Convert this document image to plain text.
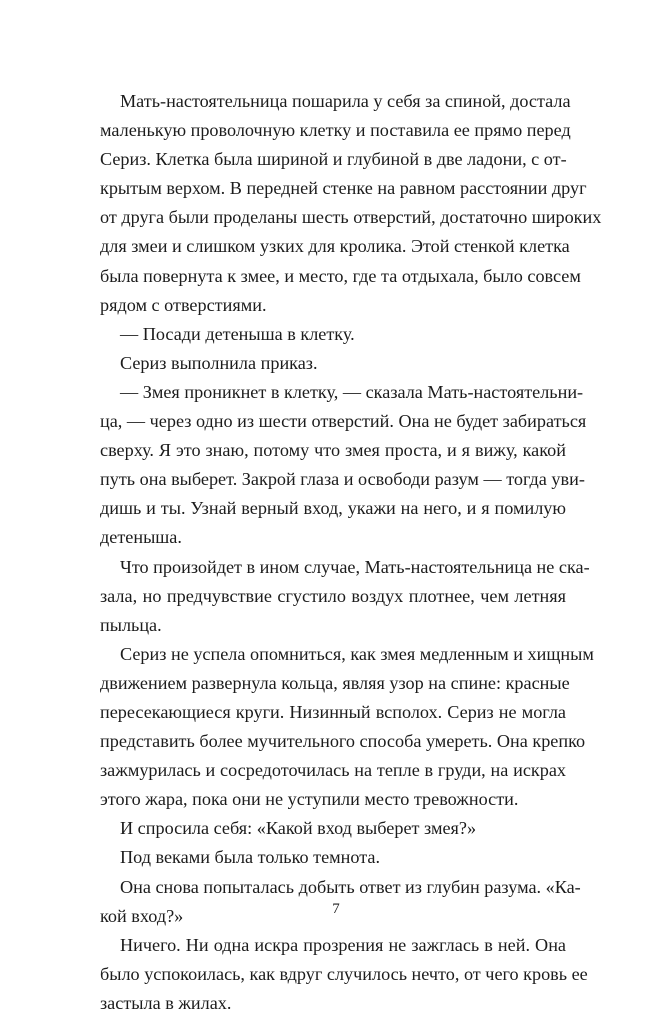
Мать-настоятельница пошарила у себя за спиной, достала
маленькую проволочную клетку и поставила ее прямо перед
Сериз. Клетка была шириной и глубиной в две ладони, с от-
крытым верхом. В передней стенке на равном расстоянии друг
от друга были проделаны шесть отверстий, достаточно широких
для змеи и слишком узких для кролика. Этой стенкой клетка
была повернута к змее, и место, где та отдыхала, было совсем
рядом с отверстиями.

— Посади детеныша в клетку.

Сериз выполнила приказ.

— Змея проникнет в клетку, — сказала Мать-настоятельни-
ца, — через одно из шести отверстий. Она не будет забираться
сверху. Я это знаю, потому что змея проста, и я вижу, какой
путь она выберет. Закрой глаза и освободи разум — тогда уви-
дишь и ты. Узнай верный вход, укажи на него, и я помилую
детеныша.

Что произойдет в ином случае, Мать-настоятельница не ска-
зала, но предчувствие сгустило воздух плотнее, чем летняя
пыльца.

Сериз не успела опомниться, как змея медленным и хищным
движением развернула кольца, являя узор на спине: красные
пересекающиеся круги. Низинный всполох. Сериз не могла
представить более мучительного способа умереть. Она крепко
зажмурилась и сосредоточилась на тепле в груди, на искрах
этого жара, пока они не уступили место тревожности.

И спросила себя: «Какой вход выберет змея?»

Под веками была только темнота.

Она снова попыталась добыть ответ из глубин разума. «Ка-
кой вход?»

Ничего. Ни одна искра прозрения не зажглась в ней. Она
было успокоилась, как вдруг случилось нечто, от чего кровь ее
застыла в жилах.

7
